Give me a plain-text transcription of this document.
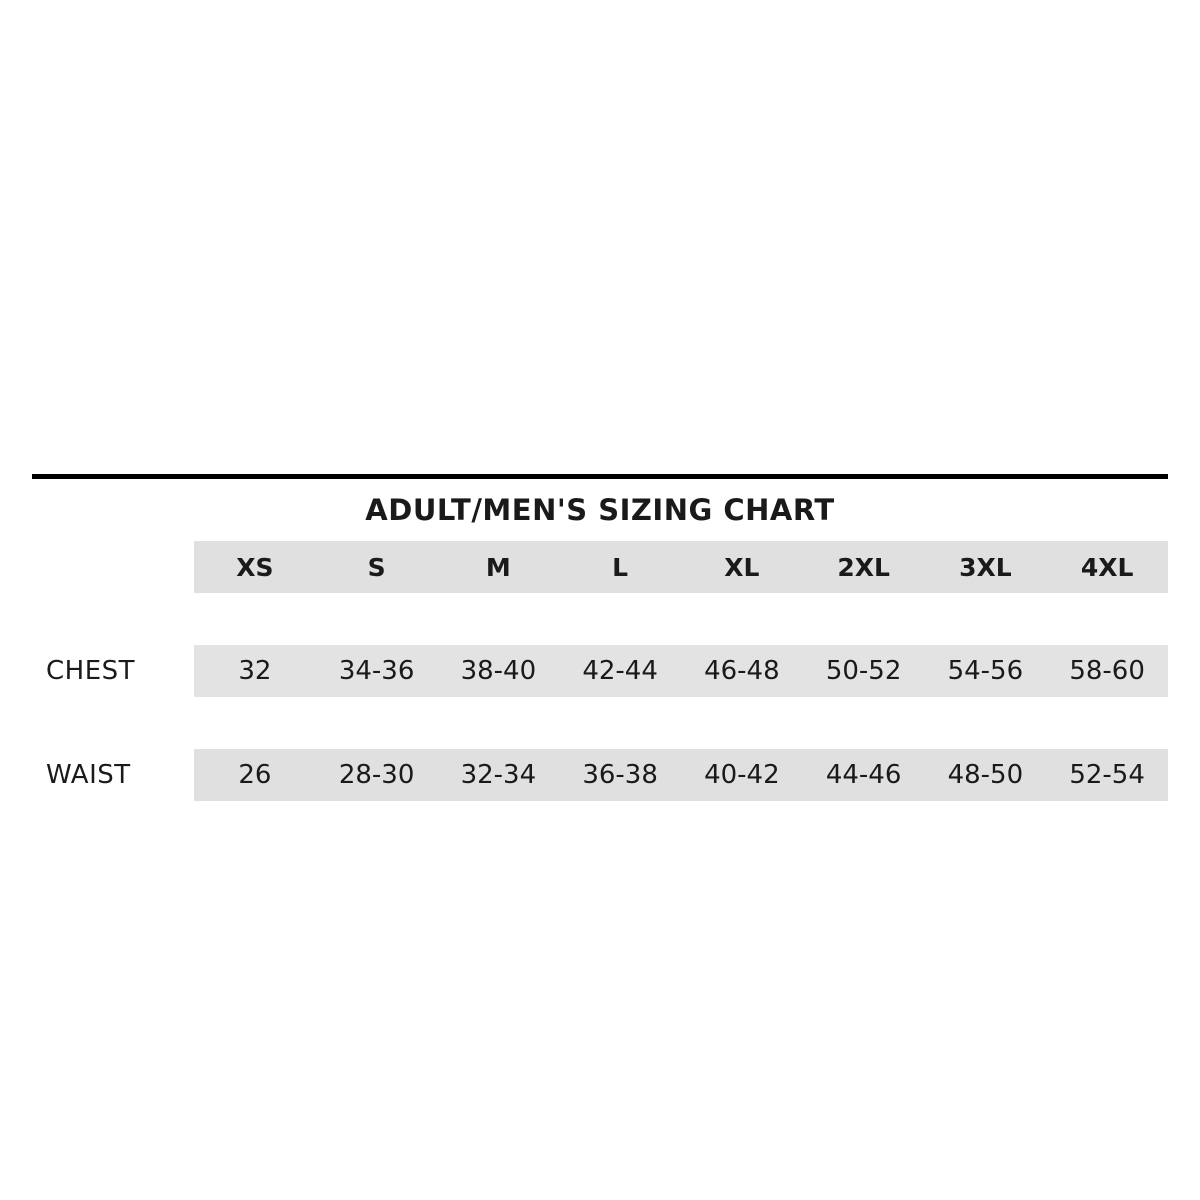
ADULT/MEN'S SIZING CHART
	XS	S	M	L	XL	2XL	3XL	4XL

CHEST	32	34-36	38-40	42-44	46-48	50-52	54-56	58-60

WAIST	26	28-30	32-34	36-38	40-42	44-46	48-50	52-54
